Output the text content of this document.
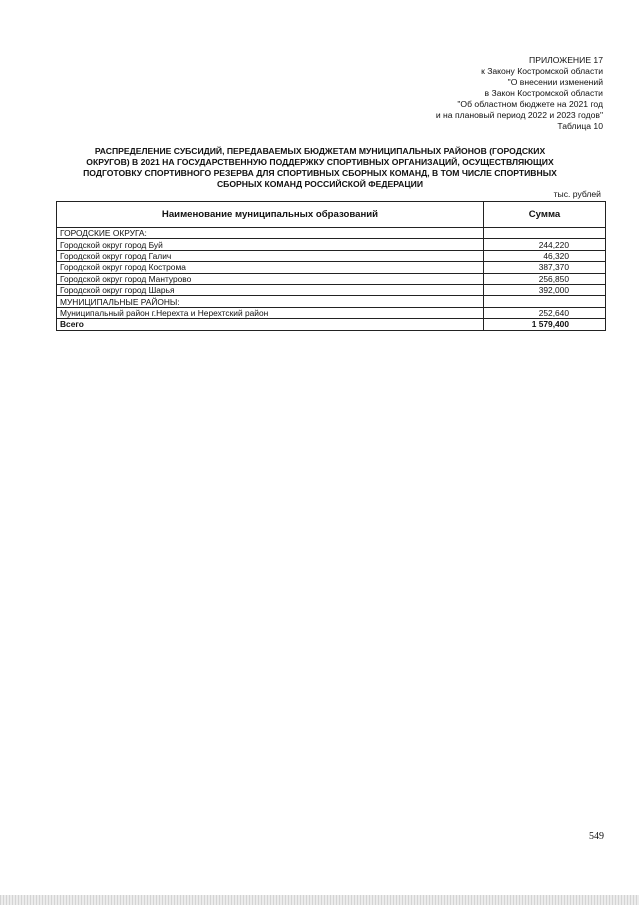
ПРИЛОЖЕНИЕ 17
к Закону Костромской области
"О внесении изменений
в Закон Костромской области
"Об областном бюджете на 2021 год
и на плановый период 2022 и 2023 годов"
Таблица 10
РАСПРЕДЕЛЕНИЕ СУБСИДИЙ, ПЕРЕДАВАЕМЫХ БЮДЖЕТАМ МУНИЦИПАЛЬНЫХ РАЙОНОВ (ГОРОДСКИХ
ОКРУГОВ) В 2021 НА ГОСУДАРСТВЕННУЮ ПОДДЕРЖКУ СПОРТИВНЫХ ОРГАНИЗАЦИЙ, ОСУЩЕСТВЛЯЮЩИХ
ПОДГОТОВКУ СПОРТИВНОГО РЕЗЕРВА ДЛЯ СПОРТИВНЫХ СБОРНЫХ КОМАНД, В ТОМ ЧИСЛЕ СПОРТИВНЫХ
СБОРНЫХ КОМАНД РОССИЙСКОЙ ФЕДЕРАЦИИ
тыс. рублей
Наименование муниципальных образований	Сумма
ГОРОДСКИЕ ОКРУГА:	
Городской округ город Буй	244,220
Городской округ город Галич	46,320
Городской округ город Кострома	387,370
Городской округ город Мантурово	256,850
Городской округ город Шарья	392,000
МУНИЦИПАЛЬНЫЕ РАЙОНЫ:	
Муниципальный район г.Нерехта и Нерехтский район	252,640
Всего	1 579,400
549
